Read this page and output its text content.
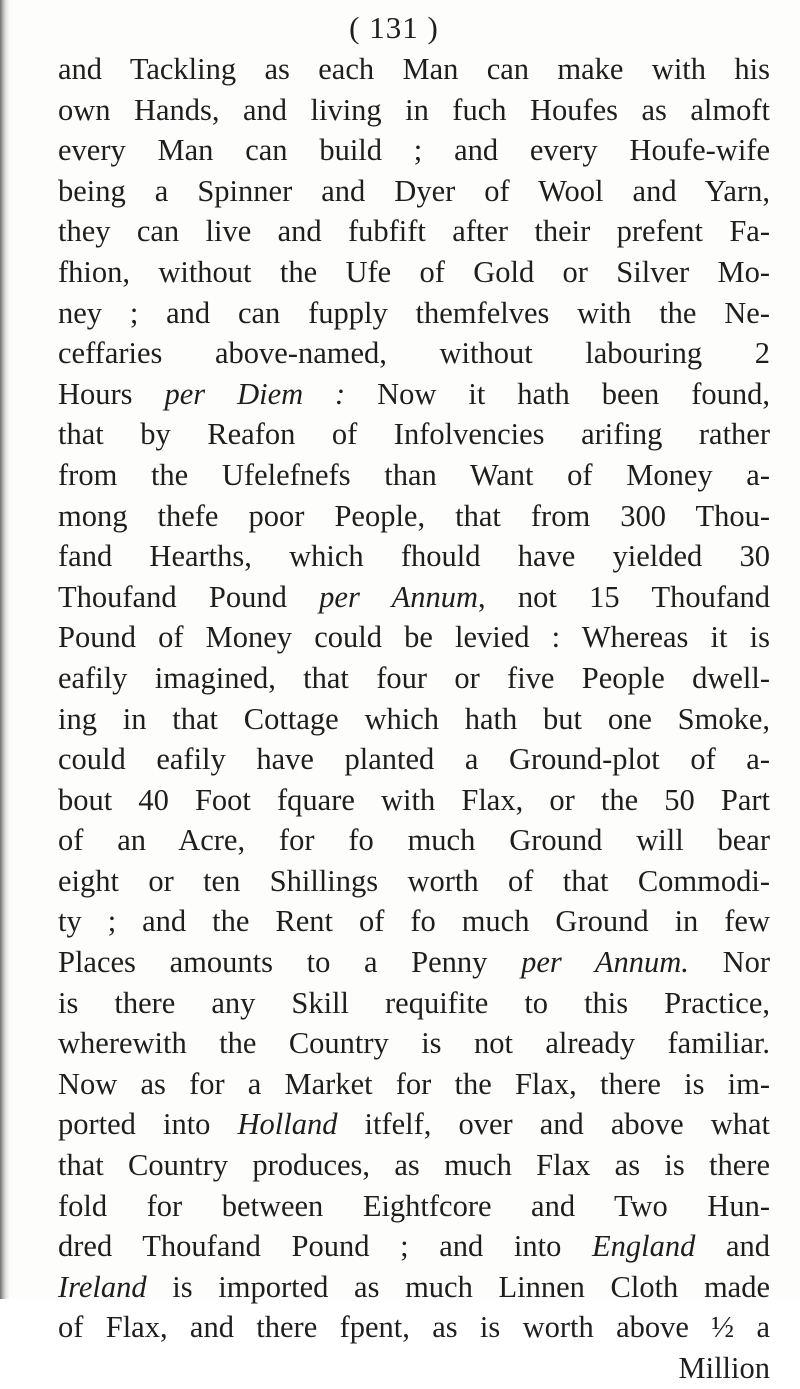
( 131 )
and Tackling as each Man can make with his
own Hands, and living in fuch Houfes as almoft
every Man can build ; and every Houfe-wife
being a Spinner and Dyer of Wool and Yarn,
they can live and fubfift after their prefent Fa-
fhion, without the Ufe of Gold or Silver Mo-
ney ; and can fupply themfelves with the Ne-
ceffaries above-named, without labouring 2
Hours per Diem : Now it hath been found,
that by Reafon of Infolvencies arifing rather
from the Ufelefnefs than Want of Money a-
mong thefe poor People, that from 300 Thou-
fand Hearths, which fhould have yielded 30
Thoufand Pound per Annum, not 15 Thoufand
Pound of Money could be levied : Whereas it is
eafily imagined, that four or five People dwell-
ing in that Cottage which hath but one Smoke,
could eafily have planted a Ground-plot of a-
bout 40 Foot fquare with Flax, or the 50 Part
of an Acre, for fo much Ground will bear
eight or ten Shillings worth of that Commodi-
ty ; and the Rent of fo much Ground in few
Places amounts to a Penny per Annum. Nor
is there any Skill requifite to this Practice,
wherewith the Country is not already familiar.
Now as for a Market for the Flax, there is im-
ported into Holland itfelf, over and above what
that Country produces, as much Flax as is there
fold for between Eightfcore and Two Hun-
dred Thoufand Pound ; and into England and
Ireland is imported as much Linnen Cloth made
of Flax, and there fpent, as is worth above ½ a
Million
